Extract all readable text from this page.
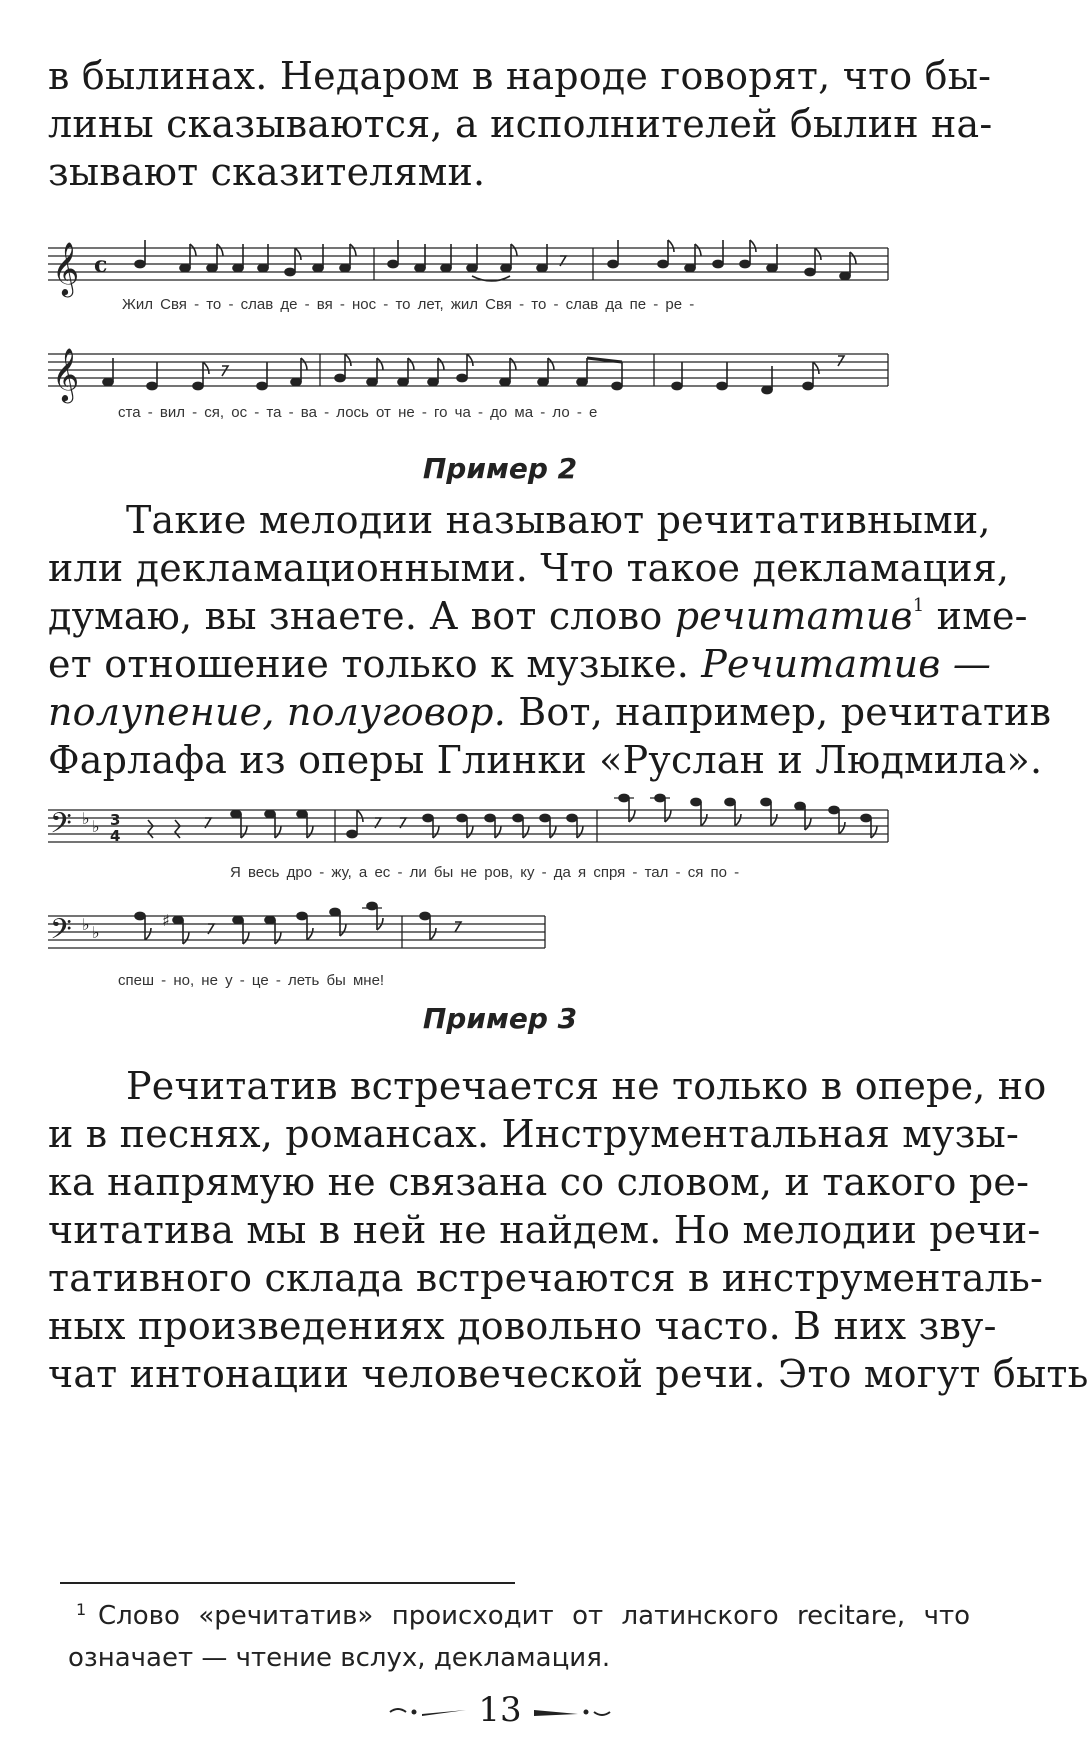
в былинах. Недаром в народе говорят, что бы-
лины сказываются, а исполнителей былин на-
зывают сказителями.
𝄞 c
Жил Свя - то - слав де - вя - нос - то лет, жил Свя - то - слав да пе - ре -
𝄞
ста - вил - ся, ос - та - ва - лось от не - го ча - до ма - ло - е
Пример 2
Такие мелодии называют речитативными,
или декламационными. Что такое декламация,
думаю, вы знаете. А вот слово речитатив$^1$ име-
ет отношение только к музыке. Речитатив —
полупение, полуговор. Вот, например, речитатив
Фарлафа из оперы Глинки «Руслан и Людмила».
𝄢 ♭ ♭ 3
4
Я весь дро - жу, а ес - ли бы не ров, ку - да я спря - тал - ся по -
𝄢 ♭ ♭
♯
спеш - но, не у - це - леть бы мне!
Пример 3
Речитатив встречается не только в опере, но
и в песнях, романсах. Инструментальная музы-
ка напрямую не связана со словом, и такого ре-
читатива мы в ней не найдем. Но мелодии речи-
тативного склада встречаются в инструменталь-
ных произведениях довольно часто. В них зву-
чат интонации человеческой речи. Это могут быть
1 Слово «речитатив» происходит от латинского recitare, что
означает — чтение вслух, декламация.
13
